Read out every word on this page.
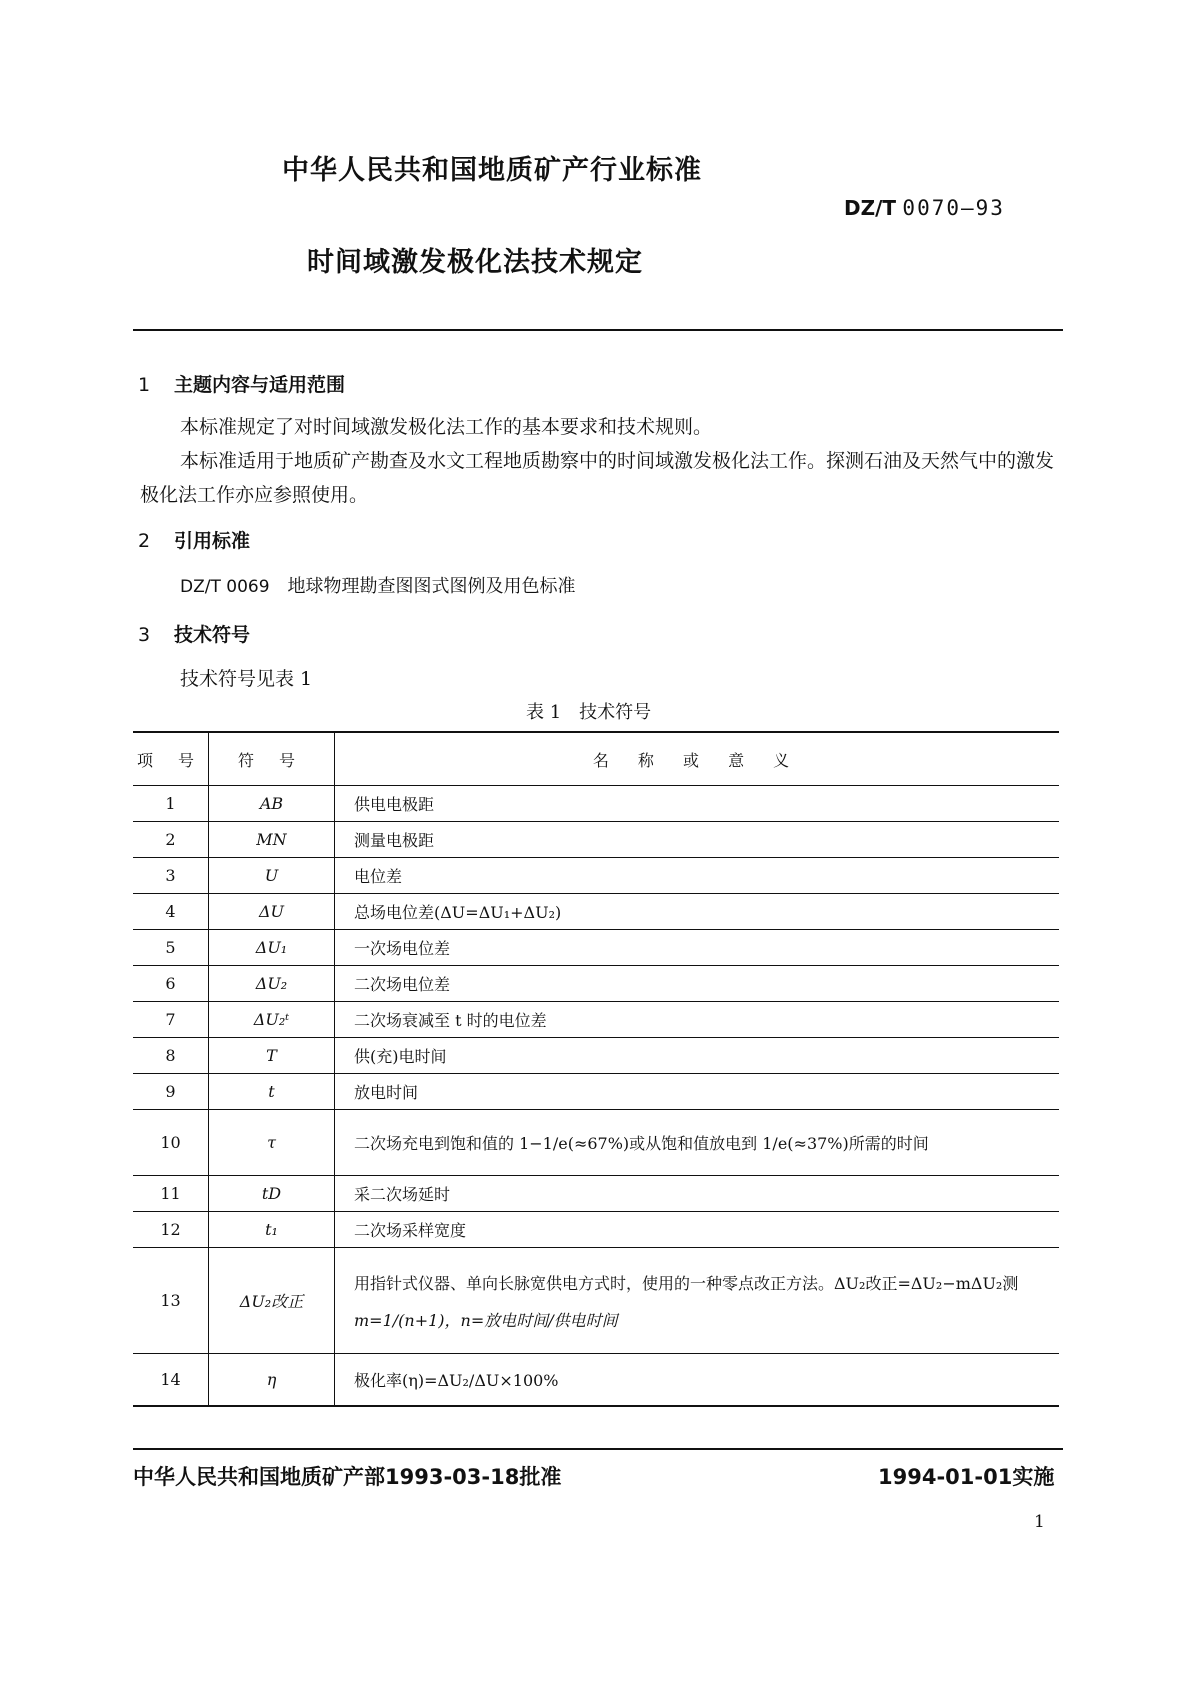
中华人民共和国地质矿产行业标准
DZ/T 0070—93
时间域激发极化法技术规定
1 主题内容与适用范围
本标准规定了对时间域激发极化法工作的基本要求和技术规则。
本标准适用于地质矿产勘查及水文工程地质勘察中的时间域激发极化法工作。探测石油及天然气中的激发极化法工作亦应参照使用。
2 引用标准
DZ/T 0069 地球物理勘查图图式图例及用色标准
3 技术符号
技术符号见表 1
表 1　技术符号
项 号	符 号	名 称 或 意 义
1	AB	供电电极距
2	MN	测量电极距
3	U	电位差
4	ΔU	总场电位差(ΔU=ΔU₁+ΔU₂)
5	ΔU₁	一次场电位差
6	ΔU₂	二次场电位差
7	ΔU₂ᵗ	二次场衰减至 t 时的电位差
8	T	供(充)电时间
9	t	放电时间
10	τ	二次场充电到饱和值的 1−1/e(≈67%)或从饱和值放电到 1/e(≈37%)所需的时间
11	tD	采二次场延时
12	t₁	二次场采样宽度
13	ΔU₂改正	用指针式仪器、单向长脉宽供电方式时，使用的一种零点改正方法。ΔU₂改正=ΔU₂−mΔU₂测
m=1/(n+1)，n=放电时间/供电时间

14	η	极化率(η)=ΔU₂/ΔU×100%
中华人民共和国地质矿产部1993-03-18批准	1994-01-01实施
1
